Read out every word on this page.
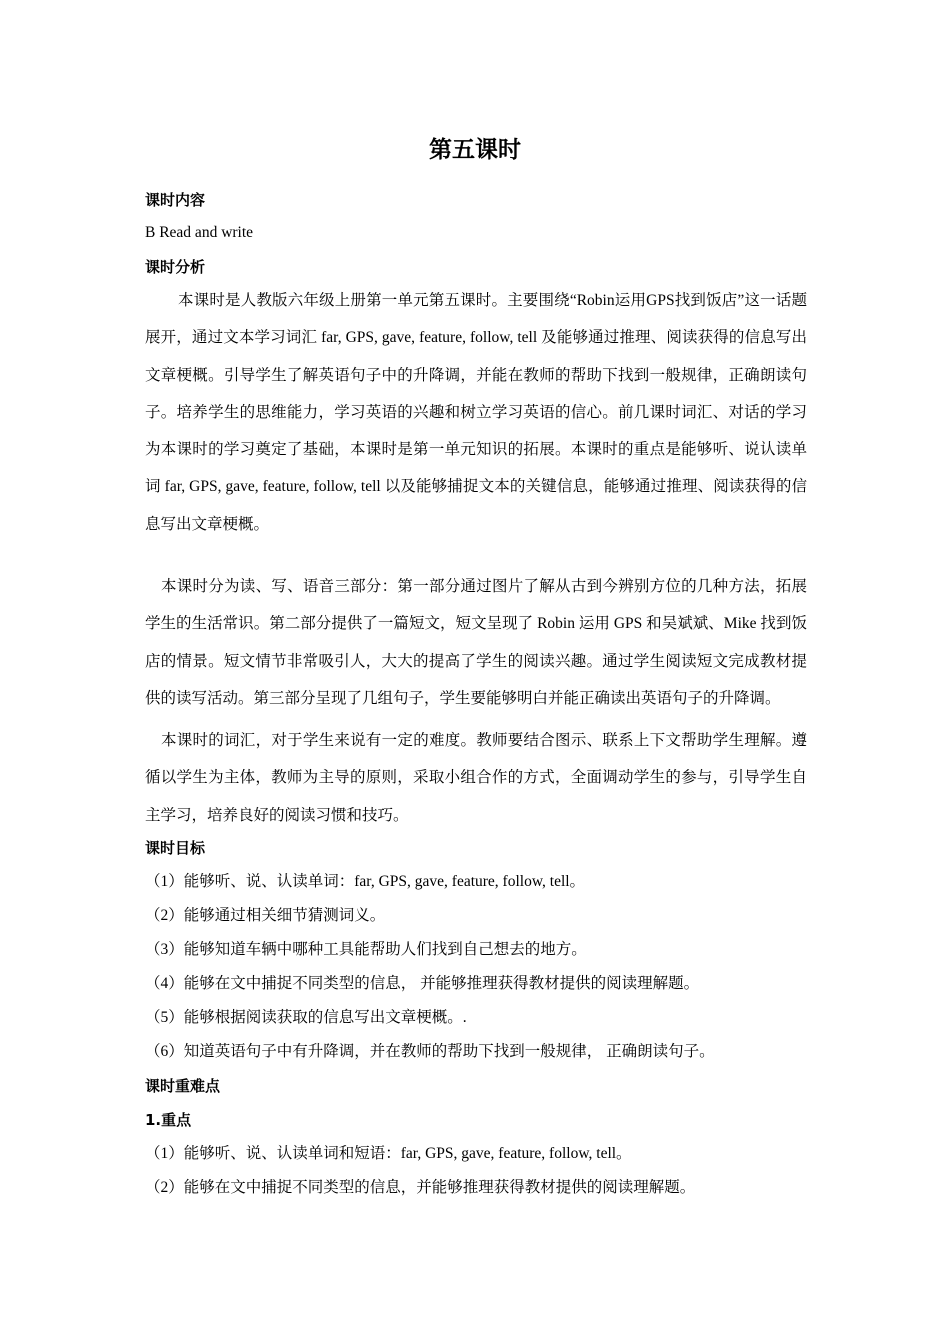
第五课时
课时内容
B Read and write
课时分析
本课时是人教版六年级上册第一单元第五课时。主要围绕“Robin运用GPS找到饭店”这一话题展开，通过文本学习词汇 far, GPS, gave, feature, follow, tell 及能够通过推理、阅读获得的信息写出文章梗概。引导学生了解英语句子中的升降调，并能在教师的帮助下找到一般规律，正确朗读句子。培养学生的思维能力，学习英语的兴趣和树立学习英语的信心。前几课时词汇、对话的学习为本课时的学习奠定了基础，本课时是第一单元知识的拓展。本课时的重点是能够听、说认读单词 far, GPS, gave, feature, follow, tell 以及能够捕捉文本的关键信息，能够通过推理、阅读获得的信息写出文章梗概。
本课时分为读、写、语音三部分：第一部分通过图片了解从古到今辨别方位的几种方法，拓展学生的生活常识。第二部分提供了一篇短文，短文呈现了 Robin 运用 GPS 和吴斌斌、Mike 找到饭店的情景。短文情节非常吸引人，大大的提高了学生的阅读兴趣。通过学生阅读短文完成教材提供的读写活动。第三部分呈现了几组句子，学生要能够明白并能正确读出英语句子的升降调。
本课时的词汇，对于学生来说有一定的难度。教师要结合图示、联系上下文帮助学生理解。遵循以学生为主体，教师为主导的原则，采取小组合作的方式，全面调动学生的参与，引导学生自主学习，培养良好的阅读习惯和技巧。
课时目标
（1）能够听、说、认读单词：far, GPS, gave, feature, follow, tell。
（2）能够通过相关细节猜测词义。
（3）能够知道车辆中哪种工具能帮助人们找到自己想去的地方。
（4）能够在文中捕捉不同类型的信息， 并能够推理获得教材提供的阅读理解题。
（5）能够根据阅读获取的信息写出文章梗概。.
（6）知道英语句子中有升降调，并在教师的帮助下找到一般规律， 正确朗读句子。
课时重难点
1.重点
（1）能够听、说、认读单词和短语：far, GPS, gave, feature, follow, tell。
（2）能够在文中捕捉不同类型的信息，并能够推理获得教材提供的阅读理解题。
